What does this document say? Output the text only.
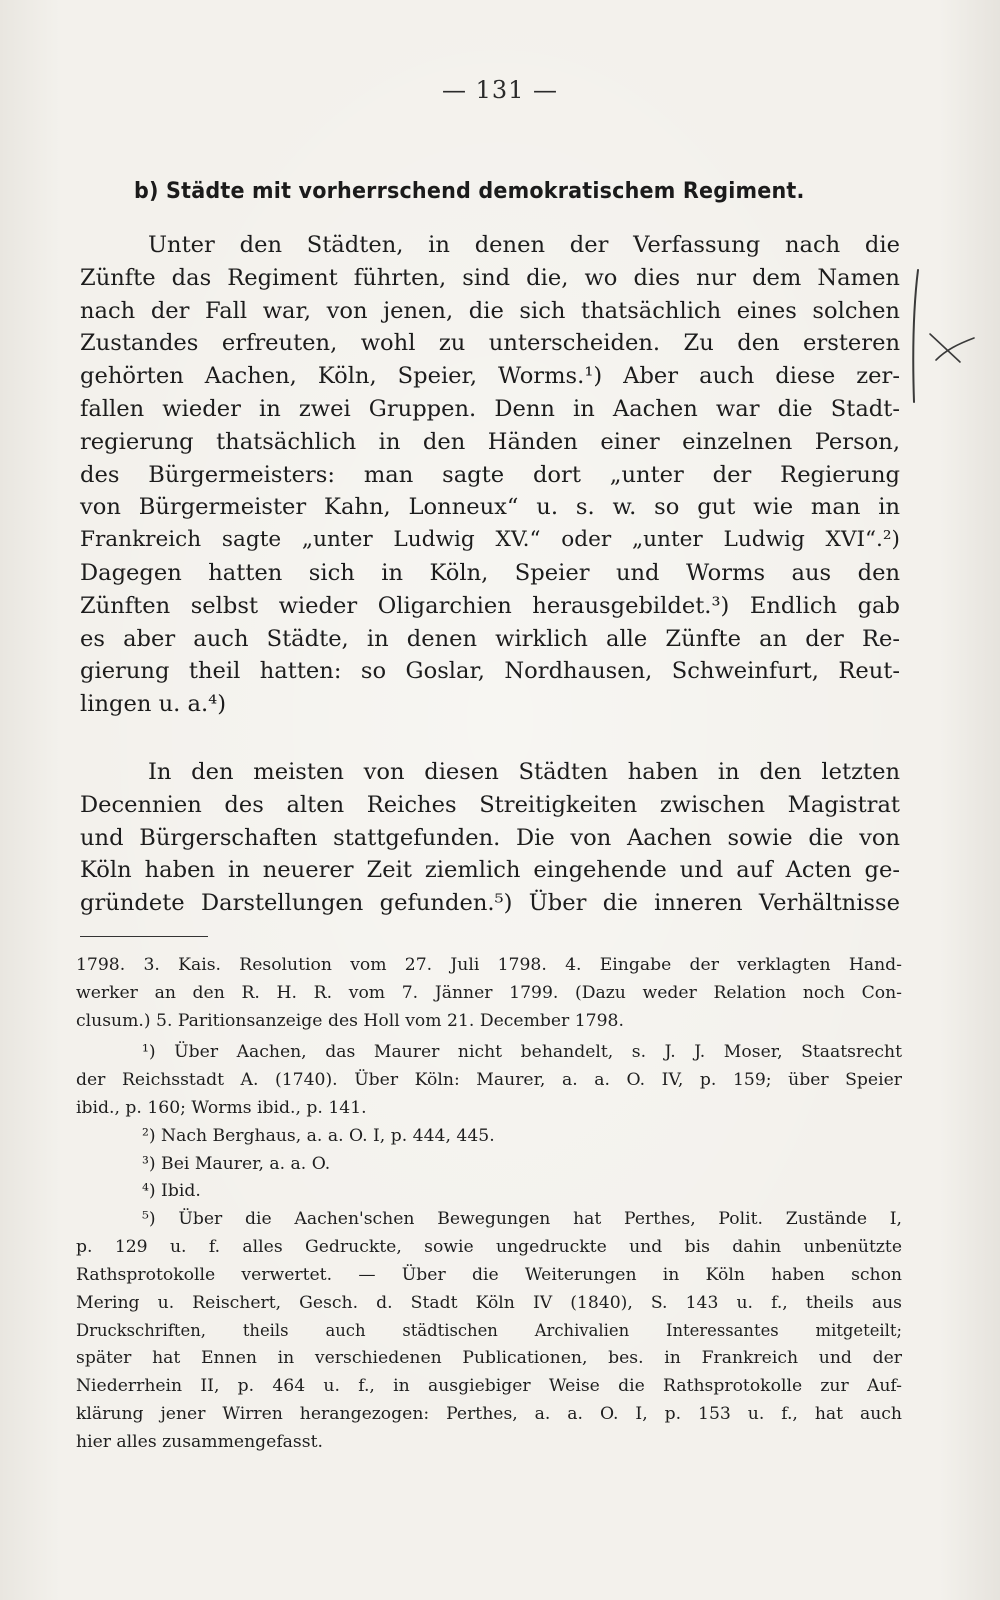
— 131 —
b) Städte mit vorherrschend demokratischem Regiment.
Unter den Städten, in denen der Verfassung nach die
Zünfte das Regiment führten, sind die, wo dies nur dem Namen
nach der Fall war, von jenen, die sich thatsächlich eines solchen
Zustandes erfreuten, wohl zu unterscheiden. Zu den ersteren
gehörten Aachen, Köln, Speier, Worms.¹) Aber auch diese zer-
fallen wieder in zwei Gruppen. Denn in Aachen war die Stadt-
regierung thatsächlich in den Händen einer einzelnen Person,
des Bürgermeisters: man sagte dort „unter der Regierung
von Bürgermeister Kahn, Lonneux“ u. s. w. so gut wie man in
Frankreich sagte „unter Ludwig XV.“ oder „unter Ludwig XVI“.²)
Dagegen hatten sich in Köln, Speier und Worms aus den
Zünften selbst wieder Oligarchien herausgebildet.³) Endlich gab
es aber auch Städte, in denen wirklich alle Zünfte an der Re-
gierung theil hatten: so Goslar, Nordhausen, Schweinfurt, Reut-
lingen u. a.⁴)
In den meisten von diesen Städten haben in den letzten
Decennien des alten Reiches Streitigkeiten zwischen Magistrat
und Bürgerschaften stattgefunden. Die von Aachen sowie die von
Köln haben in neuerer Zeit ziemlich eingehende und auf Acten ge-
gründete Darstellungen gefunden.⁵) Über die inneren Verhältnisse
1798. 3. Kais. Resolution vom 27. Juli 1798. 4. Eingabe der verklagten Hand-
werker an den R. H. R. vom 7. Jänner 1799. (Dazu weder Relation noch Con-
clusum.) 5. Paritionsanzeige des Holl vom 21. December 1798.
¹) Über Aachen, das Maurer nicht behandelt, s. J. J. Moser, Staatsrecht
der Reichsstadt A. (1740). Über Köln: Maurer, a. a. O. IV, p. 159; über Speier
ibid., p. 160; Worms ibid., p. 141.
²) Nach Berghaus, a. a. O. I, p. 444, 445.
³) Bei Maurer, a. a. O.
⁴) Ibid.
⁵) Über die Aachen'schen Bewegungen hat Perthes, Polit. Zustände I,
p. 129 u. f. alles Gedruckte, sowie ungedruckte und bis dahin unbenützte
Rathsprotokolle verwertet. — Über die Weiterungen in Köln haben schon
Mering u. Reischert, Gesch. d. Stadt Köln IV (1840), S. 143 u. f., theils aus
Druckschriften, theils auch städtischen Archivalien Interessantes mitgeteilt;
später hat Ennen in verschiedenen Publicationen, bes. in Frankreich und der
Niederrhein II, p. 464 u. f., in ausgiebiger Weise die Rathsprotokolle zur Auf-
klärung jener Wirren herangezogen: Perthes, a. a. O. I, p. 153 u. f., hat auch
hier alles zusammengefasst.
